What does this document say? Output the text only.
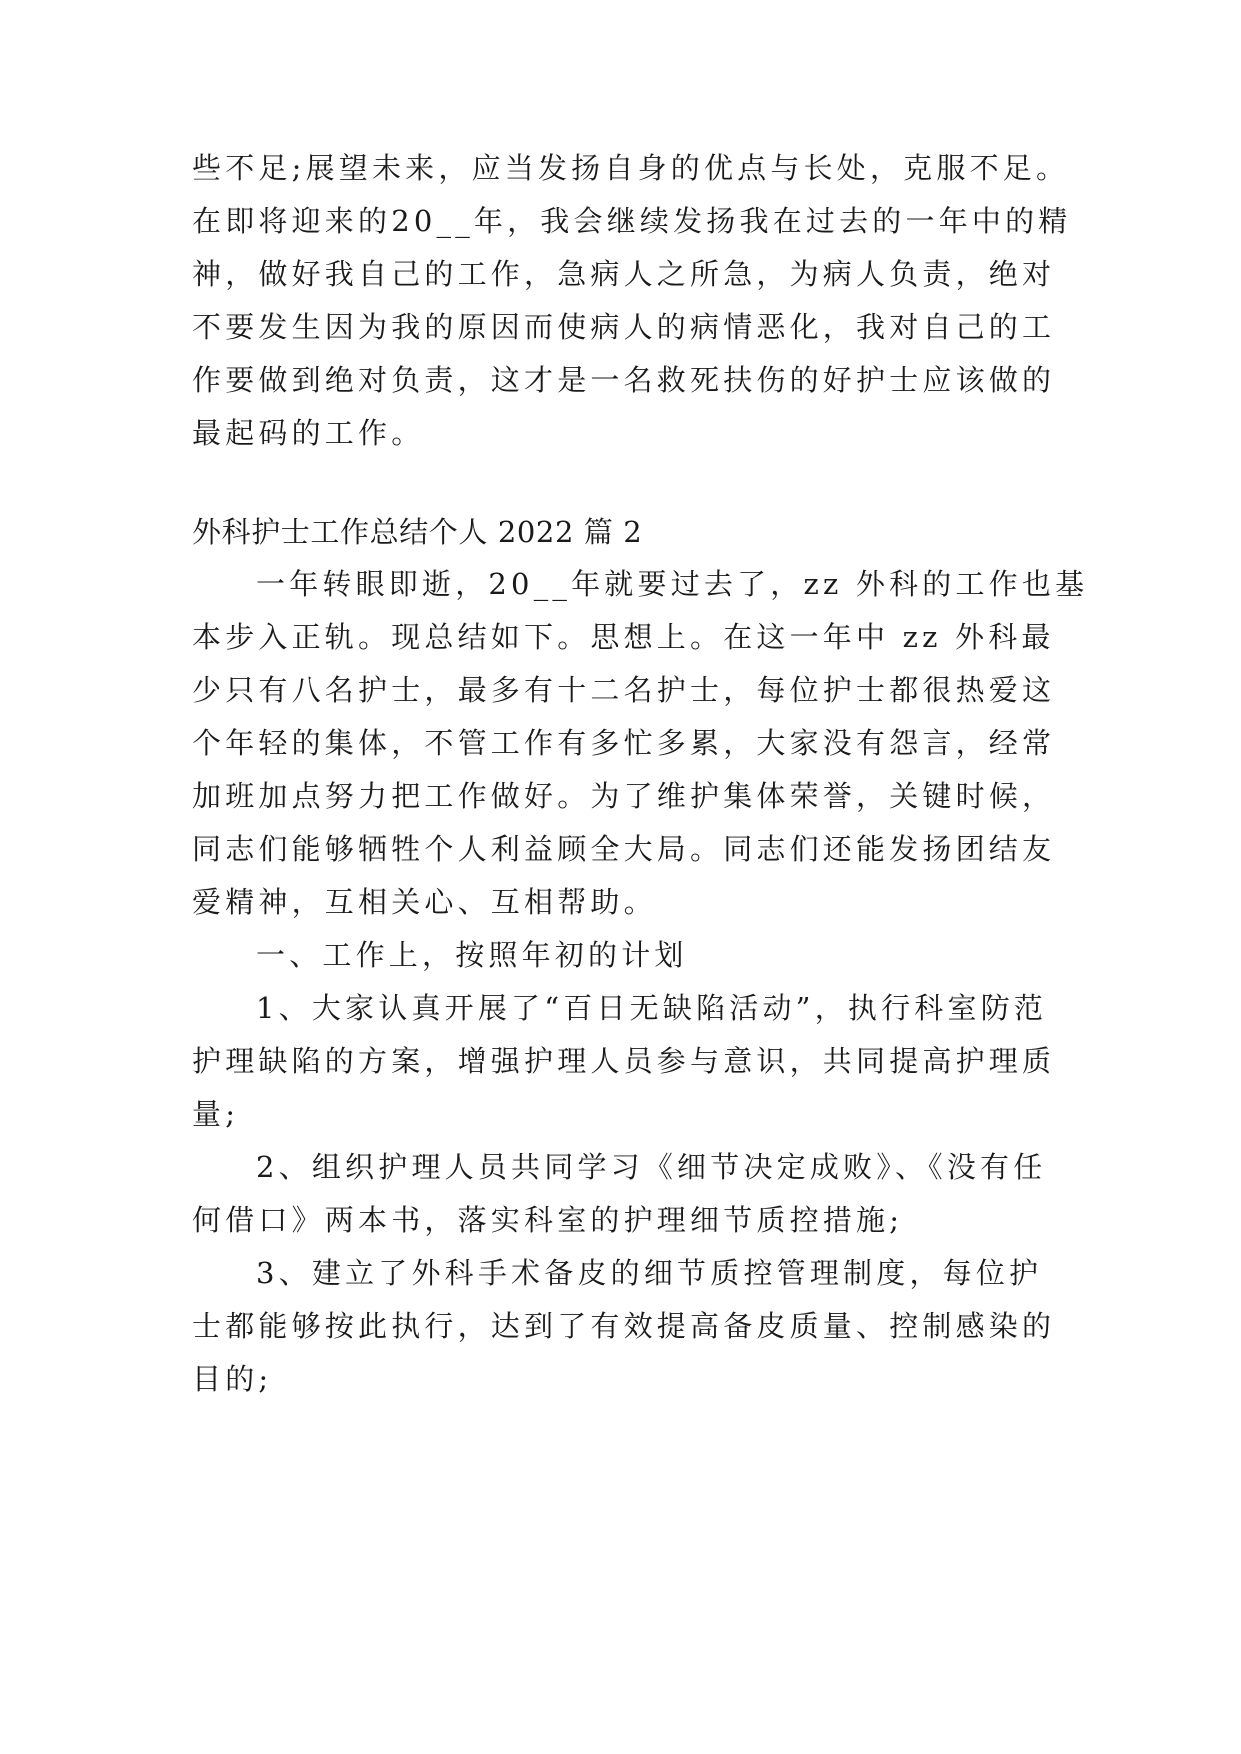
些不足;展望未来，应当发扬自身的优点与长处，克服不足。
在即将迎来的20__年，我会继续发扬我在过去的一年中的精
神，做好我自己的工作，急病人之所急，为病人负责，绝对
不要发生因为我的原因而使病人的病情恶化，我对自己的工
作要做到绝对负责，这才是一名救死扶伤的好护士应该做的
最起码的工作。
外科护士工作总结个人 2022 篇 2
一年转眼即逝，20__年就要过去了，zz 外科的工作也基
本步入正轨。现总结如下。思想上。在这一年中 zz 外科最
少只有八名护士，最多有十二名护士，每位护士都很热爱这
个年轻的集体，不管工作有多忙多累，大家没有怨言，经常
加班加点努力把工作做好。为了维护集体荣誉，关键时候，
同志们能够牺牲个人利益顾全大局。同志们还能发扬团结友
爱精神，互相关心、互相帮助。
一、工作上，按照年初的计划
1、大家认真开展了“百日无缺陷活动”，执行科室防范
护理缺陷的方案，增强护理人员参与意识，共同提高护理质
量;
2、组织护理人员共同学习《细节决定成败》、《没有任
何借口》两本书，落实科室的护理细节质控措施;
3、建立了外科手术备皮的细节质控管理制度，每位护
士都能够按此执行，达到了有效提高备皮质量、控制感染的
目的;
